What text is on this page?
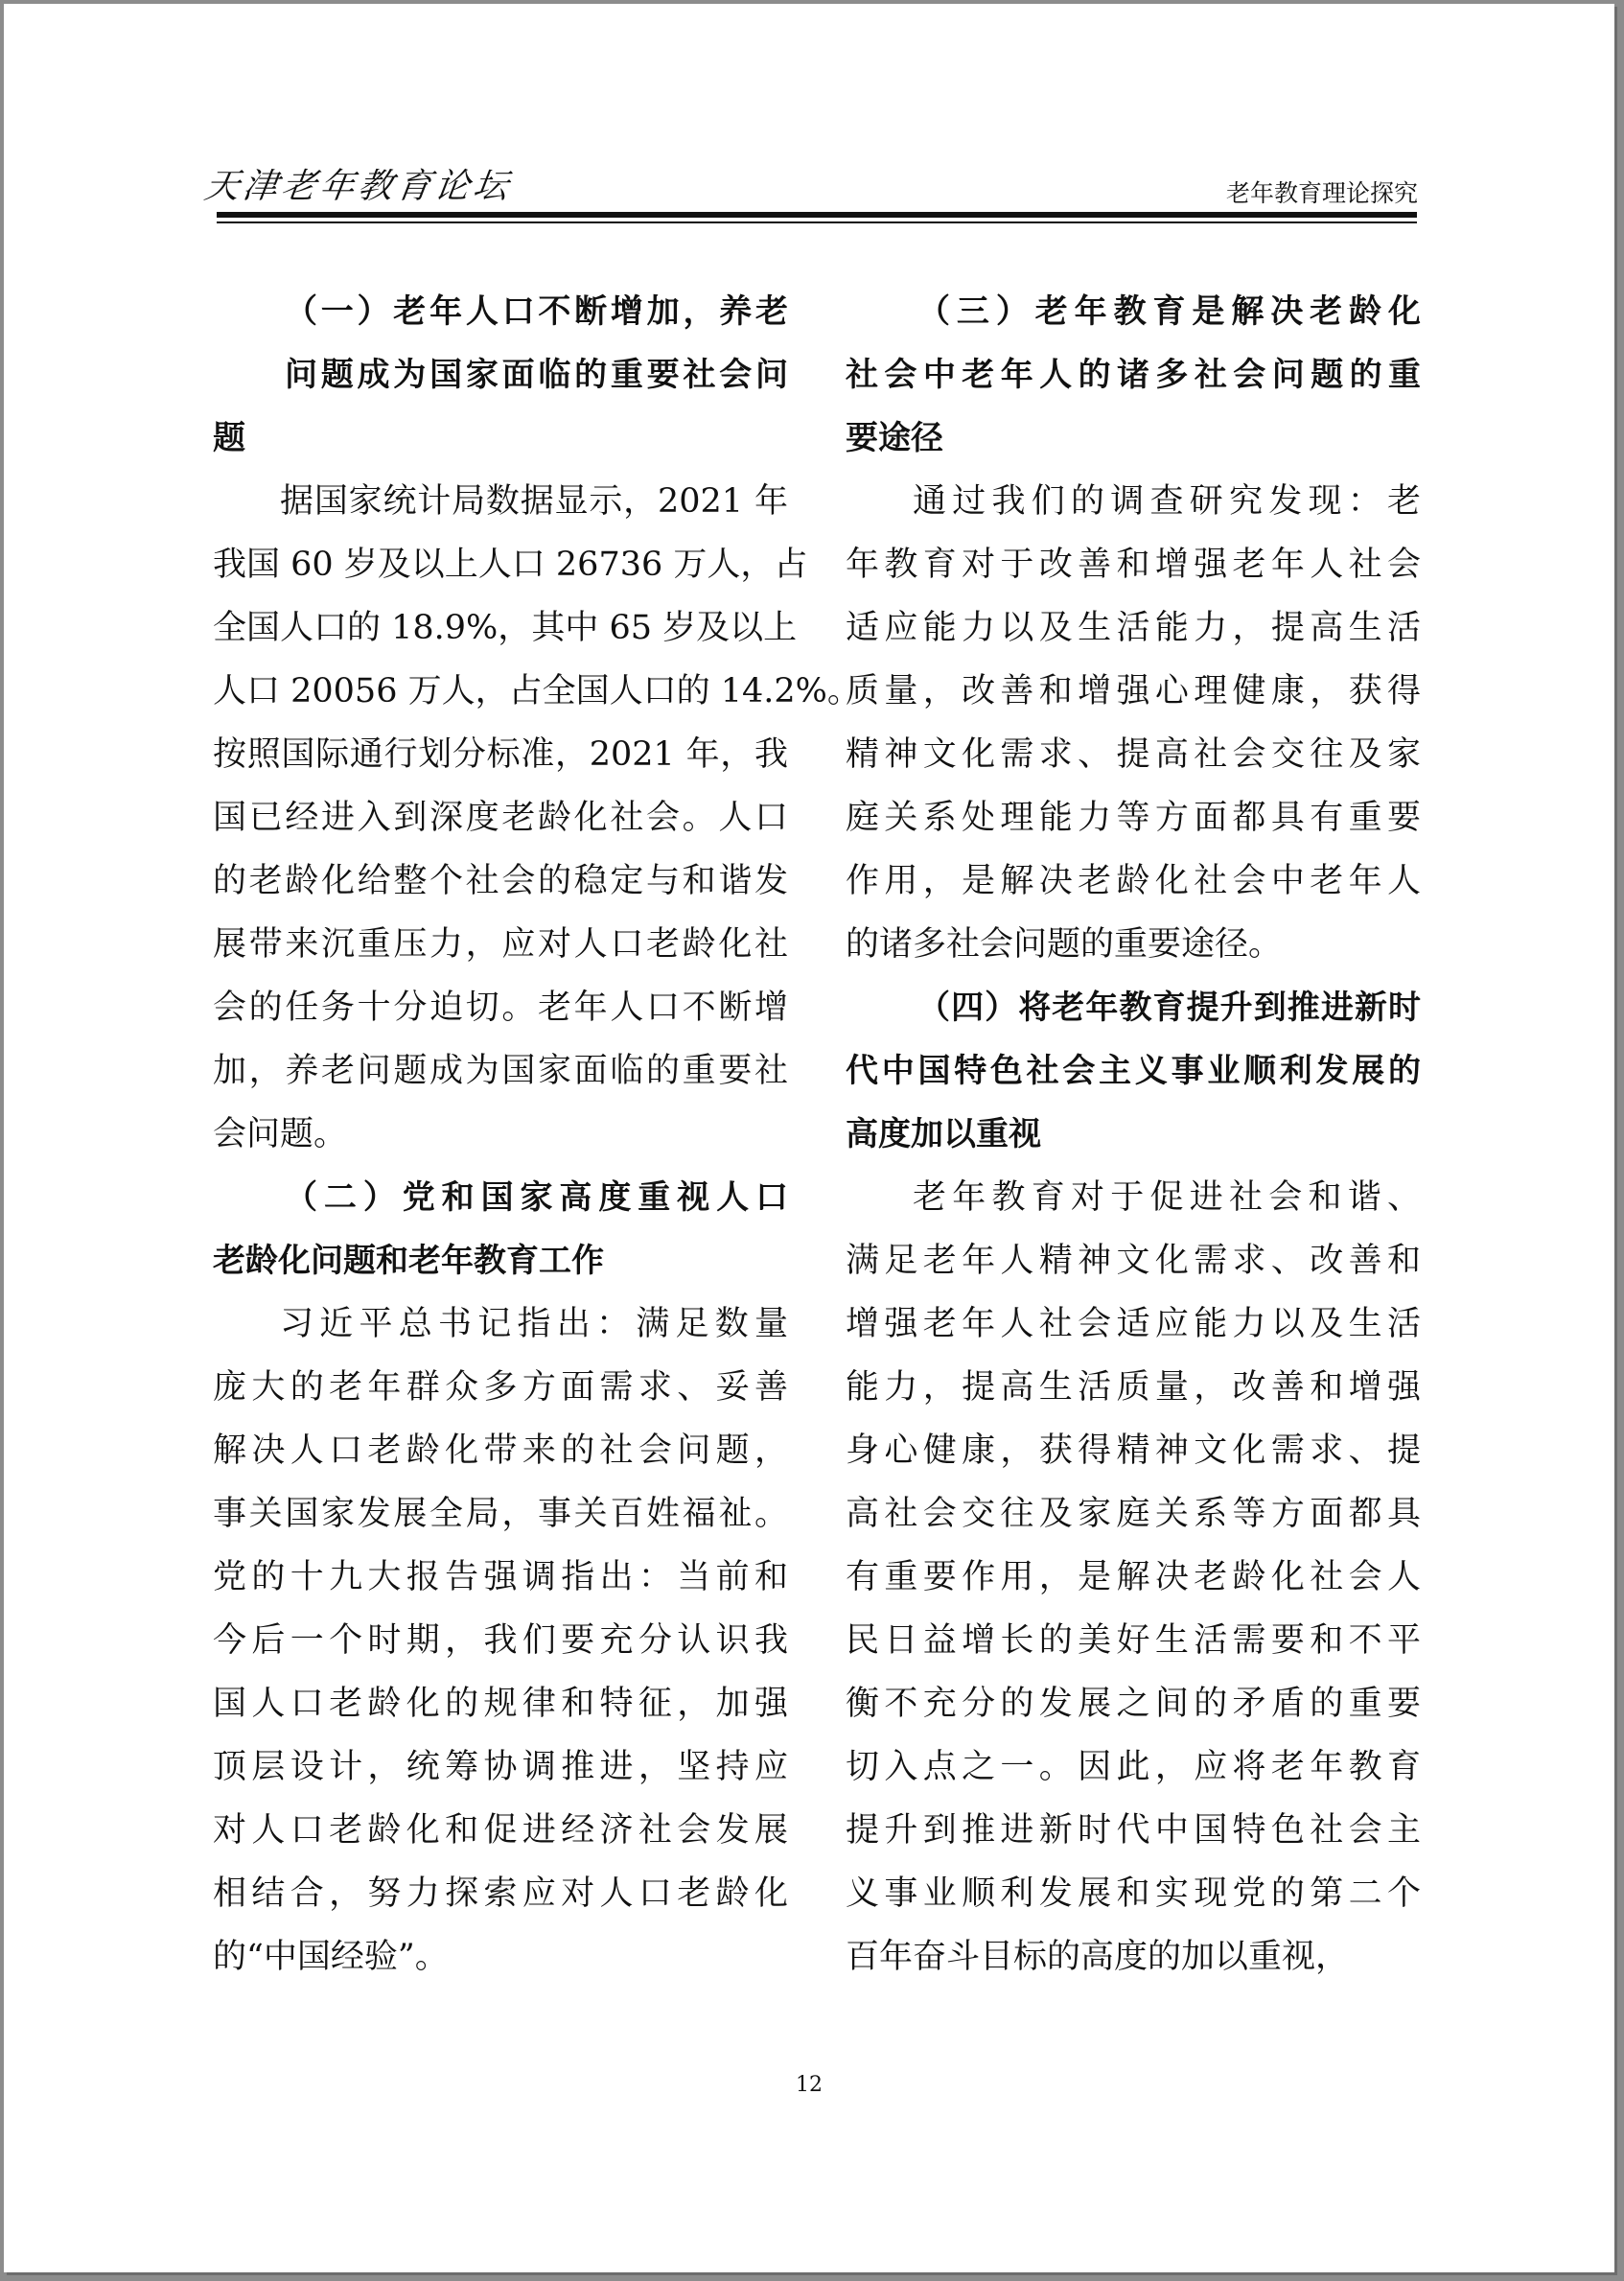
天津老年教育论坛	老年教育理论探究
（一）老年人口不断增加，养老
问题成为国家面临的重要社会问
题
据国家统计局数据显示，2021 年
我国 60 岁及以上人口 26736 万人，占
全国人口的 18.9%，其中 65 岁及以上
人口 20056 万人，占全国人口的 14.2%。
按照国际通行划分标准，2021 年，我
国已经进入到深度老龄化社会。人口
的老龄化给整个社会的稳定与和谐发
展带来沉重压力，应对人口老龄化社
会的任务十分迫切。老年人口不断增
加，养老问题成为国家面临的重要社
会问题。
（二）党和国家高度重视人口
老龄化问题和老年教育工作
习近平总书记指出：满足数量
庞大的老年群众多方面需求、妥善
解决人口老龄化带来的社会问题，
事关国家发展全局，事关百姓福祉。
党的十九大报告强调指出：当前和
今后一个时期，我们要充分认识我
国人口老龄化的规律和特征，加强
顶层设计，统筹协调推进，坚持应
对人口老龄化和促进经济社会发展
相结合，努力探索应对人口老龄化
的“中国经验”。
（三）老年教育是解决老龄化
社会中老年人的诸多社会问题的重
要途径
通过我们的调查研究发现：老
年教育对于改善和增强老年人社会
适应能力以及生活能力，提高生活
质量，改善和增强心理健康，获得
精神文化需求、提高社会交往及家
庭关系处理能力等方面都具有重要
作用，是解决老龄化社会中老年人
的诸多社会问题的重要途径。
（四）将老年教育提升到推进新时
代中国特色社会主义事业顺利发展的
高度加以重视
老年教育对于促进社会和谐、
满足老年人精神文化需求、改善和
增强老年人社会适应能力以及生活
能力，提高生活质量，改善和增强
身心健康，获得精神文化需求、提
高社会交往及家庭关系等方面都具
有重要作用，是解决老龄化社会人
民日益增长的美好生活需要和不平
衡不充分的发展之间的矛盾的重要
切入点之一。因此，应将老年教育
提升到推进新时代中国特色社会主
义事业顺利发展和实现党的第二个
百年奋斗目标的高度的加以重视，
12
